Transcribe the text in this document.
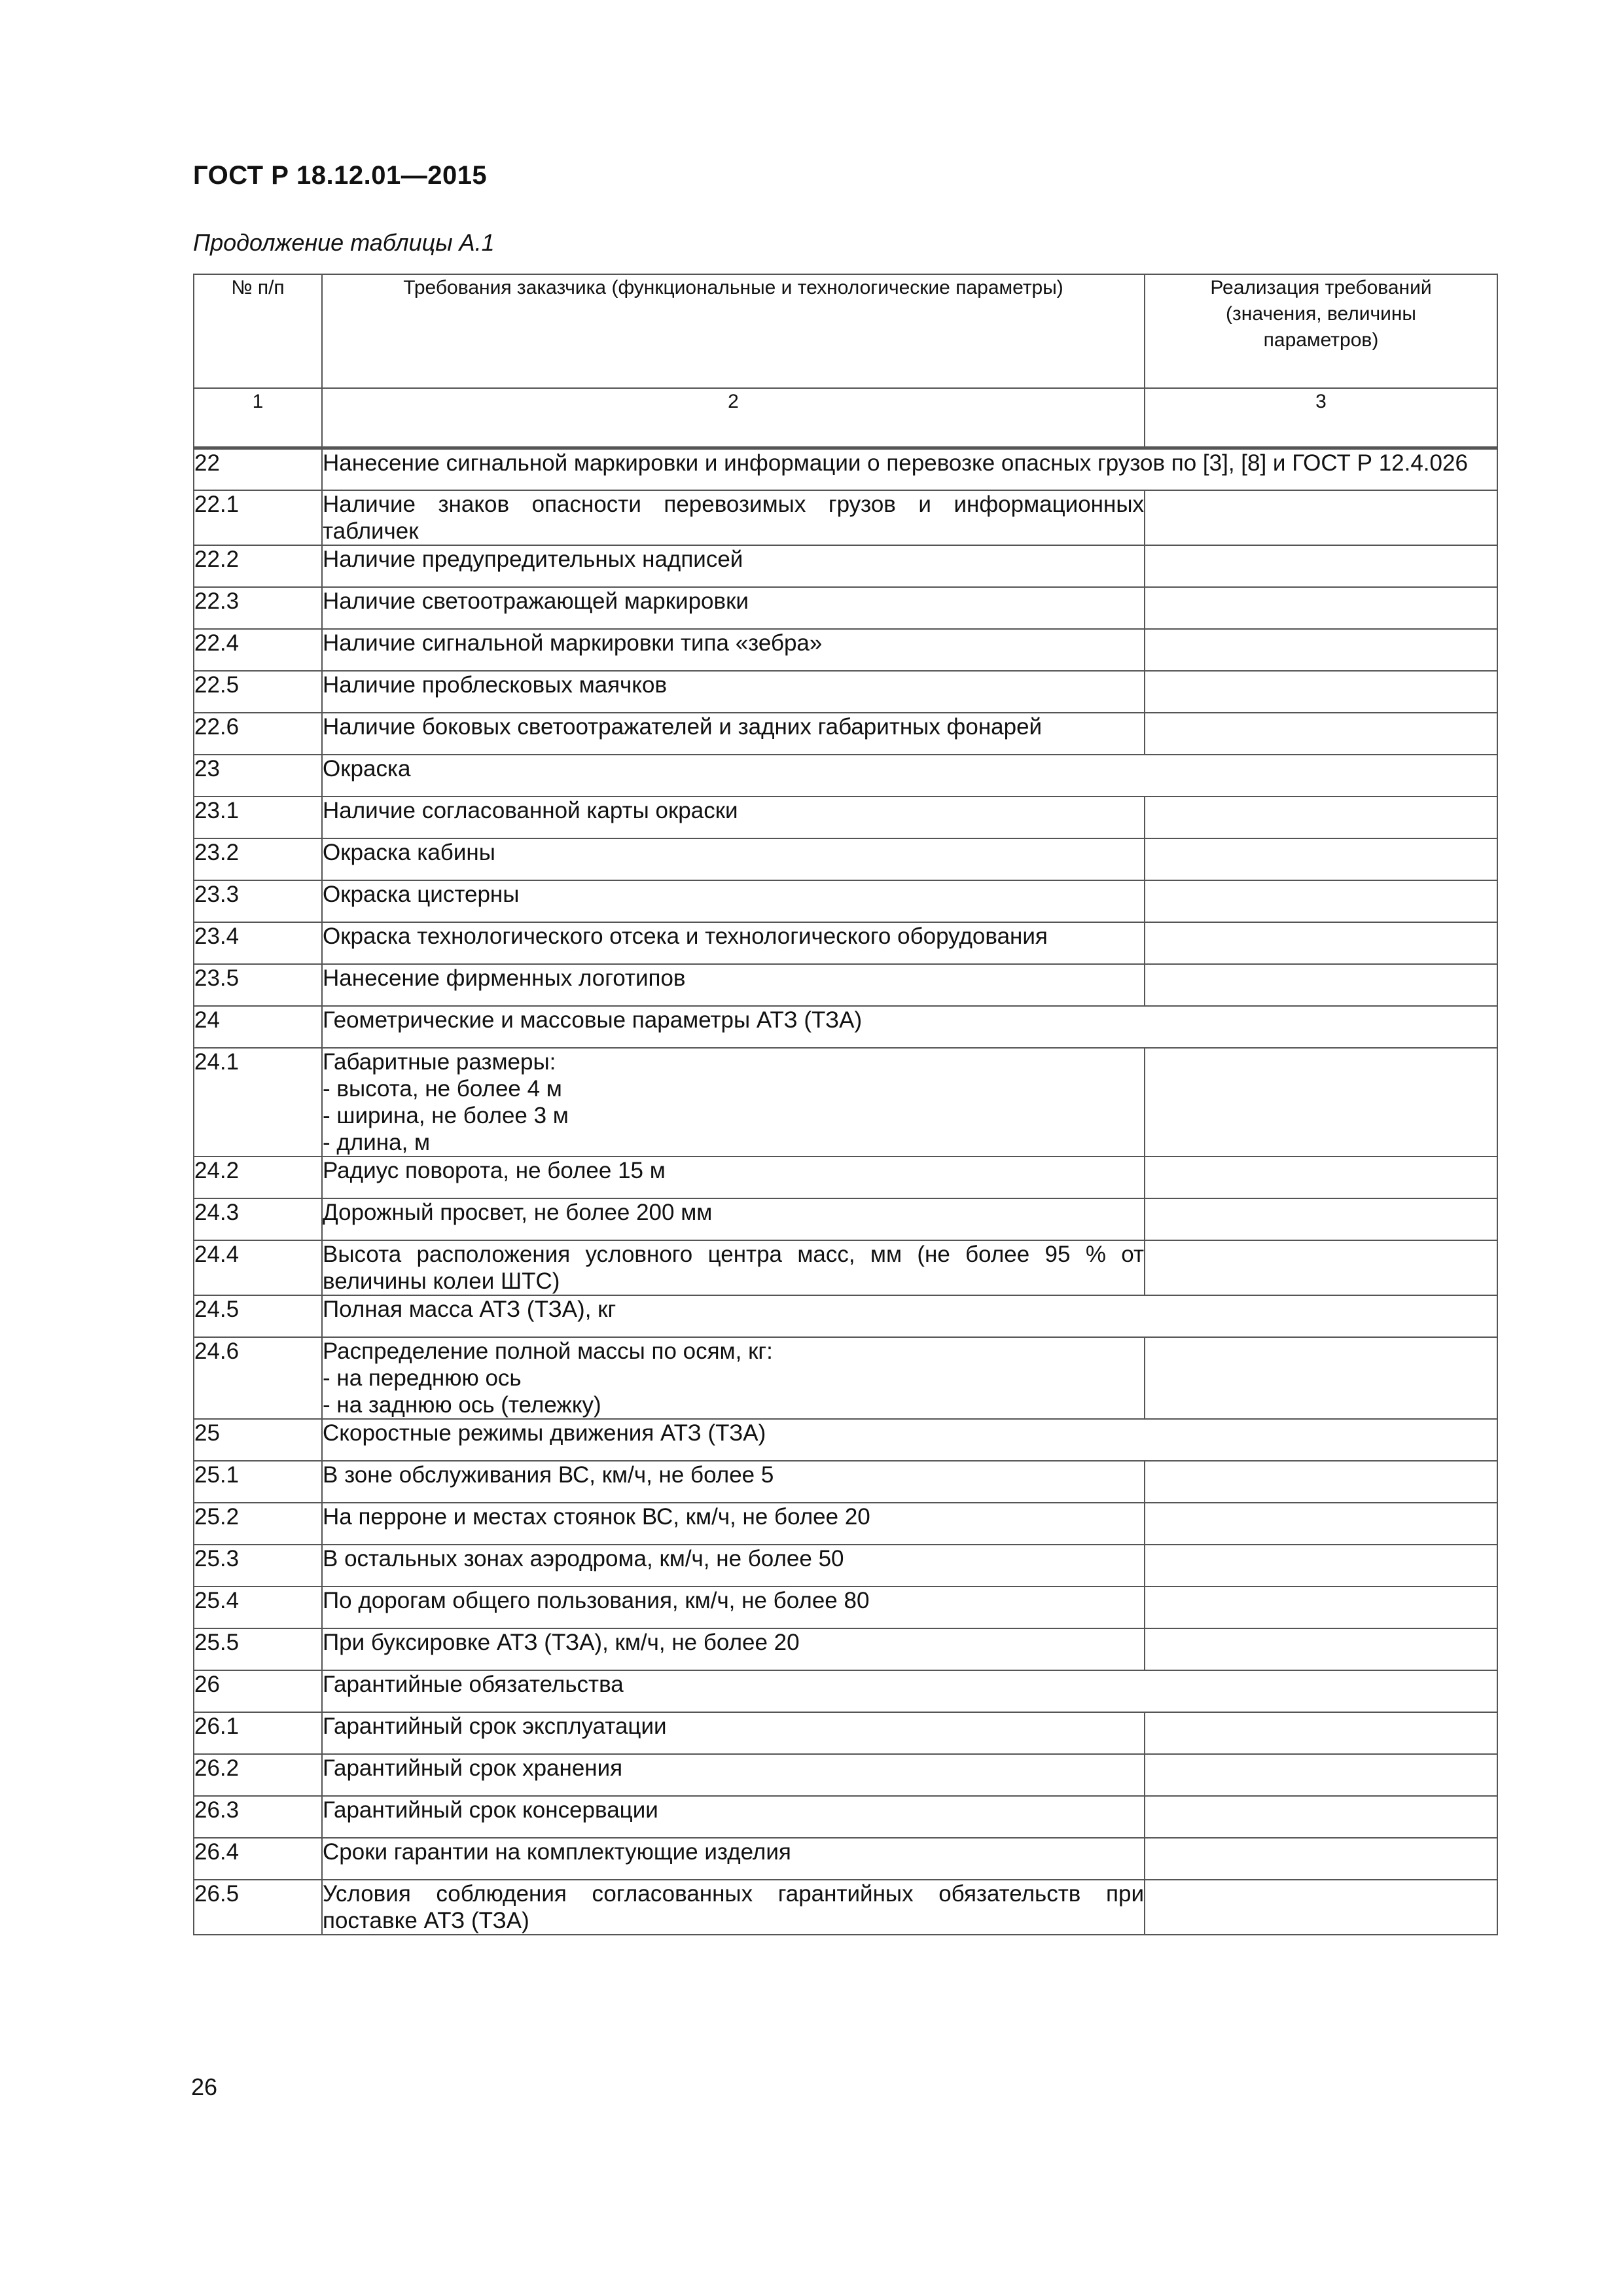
ГОСТ Р 18.12.01—2015
Продолжение таблицы А.1
№ п/п	Требования заказчика (функциональные и технологические параметры)	Реализация требований (значения, величины параметров)
1	2	3
22	Нанесение сигнальной маркировки и информации о перевозке опасных грузов по [3], [8] и ГОСТ Р 12.4.026	
22.1	Наличие знаков опасности перевозимых грузов и информационных табличек	
22.2	Наличие предупредительных надписей	
22.3	Наличие светоотражающей маркировки	
22.4	Наличие сигнальной маркировки типа «зебра»	
22.5	Наличие проблесковых маячков	
22.6	Наличие боковых светоотражателей и задних габаритных фонарей	
23	Окраска	
23.1	Наличие согласованной карты окраски	
23.2	Окраска кабины	
23.3	Окраска цистерны	
23.4	Окраска технологического отсека и технологического оборудования	
23.5	Нанесение фирменных логотипов	
24	Геометрические и массовые параметры АТЗ (ТЗА)	
24.1	Габаритные размеры:
- высота, не более 4 м
- ширина, не более 3 м
- длина, м	
24.2	Радиус поворота, не более 15 м	
24.3	Дорожный просвет, не более 200 мм	
24.4	Высота расположения условного центра масс, мм (не более 95 % от величины колеи ШТС)	
24.5	Полная масса АТЗ (ТЗА), кг	
24.6	Распределение полной массы по осям, кг:
- на переднюю ось
- на заднюю ось (тележку)	
25	Скоростные режимы движения АТЗ (ТЗА)	
25.1	В зоне обслуживания ВС, км/ч, не более 5	
25.2	На перроне и местах стоянок ВС, км/ч, не более 20	
25.3	В остальных зонах аэродрома, км/ч, не более 50	
25.4	По дорогам общего пользования, км/ч, не более 80	
25.5	При буксировке АТЗ (ТЗА), км/ч, не более 20	
26	Гарантийные обязательства	
26.1	Гарантийный срок эксплуатации	
26.2	Гарантийный срок хранения	
26.3	Гарантийный срок консервации	
26.4	Сроки гарантии на комплектующие изделия	
26.5	Условия соблюдения согласованных гарантийных обязательств при поставке АТЗ (ТЗА)	
26
